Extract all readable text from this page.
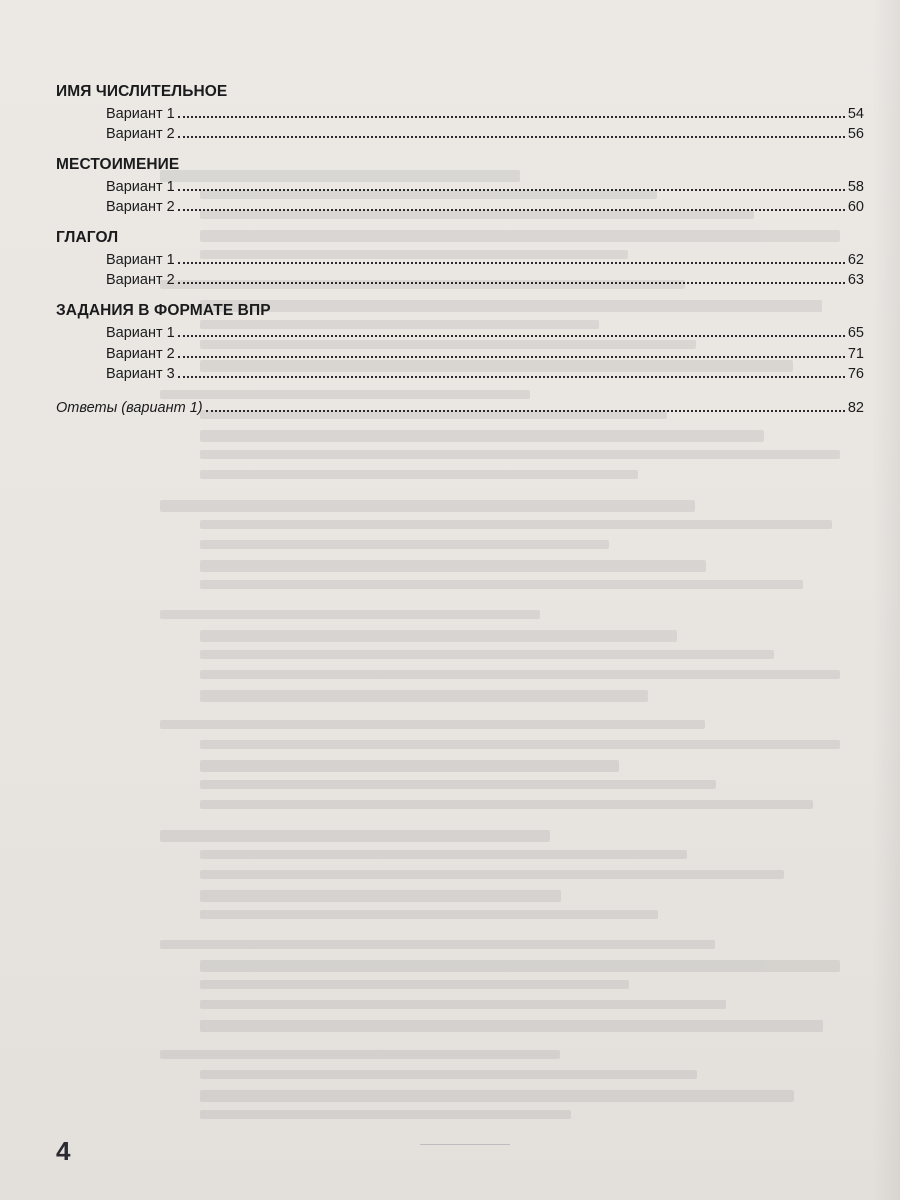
ИМЯ ЧИСЛИТЕЛЬНОЕ
Вариант 1	54
Вариант 2	56
МЕСТОИМЕНИЕ
Вариант 1	58
Вариант 2	60
ГЛАГОЛ
Вариант 1	62
Вариант 2	63
ЗАДАНИЯ В ФОРМАТЕ ВПР
Вариант 1	65
Вариант 2	71
Вариант 3	76
Ответы (вариант 1)	82
4
